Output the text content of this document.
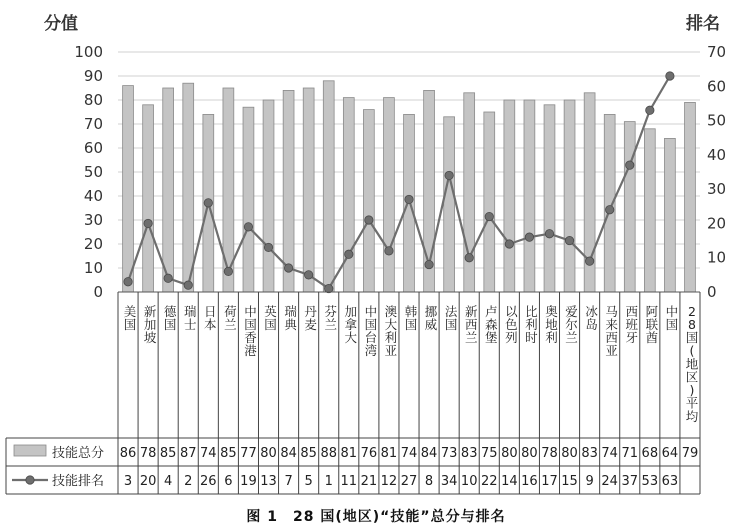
分值	排名
0
10
20
30
40
50
60
70
80
90
100
0
10
20
30
40
50
60
70
美国
新加坡
德国
瑞士
日本
荷兰
中国香港
英国
瑞典
丹麦
芬兰
加拿大
中国台湾
澳大利亚
韩国
挪威
法国
新西兰
卢森堡
以色列
比利时
奥地利
爱尔兰
冰岛
马来西亚
西班牙
阿联酋
中国
2 8 国(地区)平均
技能总分
技能排名
86 78 85 87 74 85 77 80 84 85 88 81 76 81 74 84 73 83 75 80 80 78 80 83 74 71 68 64 79
3 20 4 2 26 6 19 13 7 5 1 11 21 12 27 8 34 10 22 14 16 17 15 9 24 37 53 63
图 1　28 国(地区)“技能”总分与排名
